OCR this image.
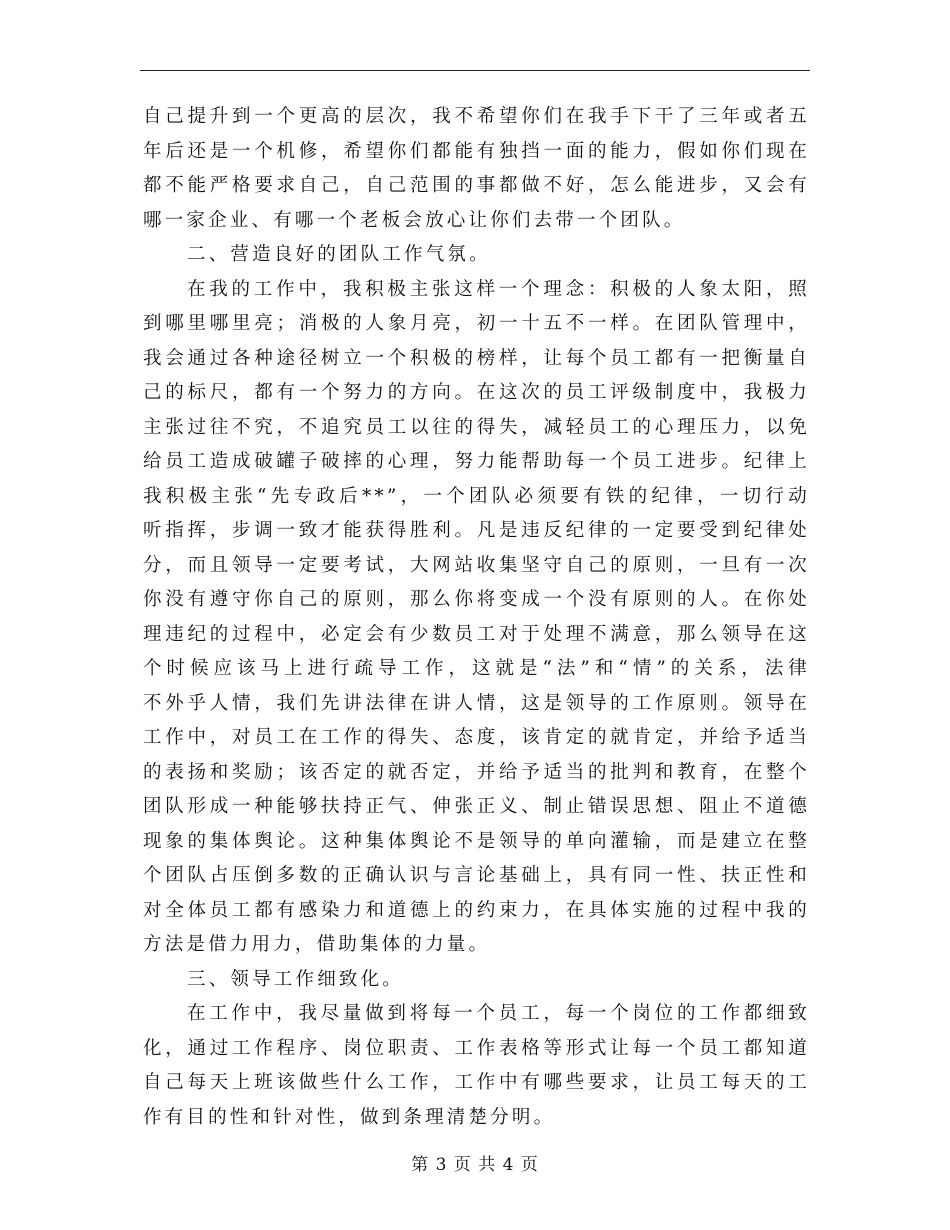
自己提升到一个更高的层次，我不希望你们在我手下干了三年或者五
年后还是一个机修，希望你们都能有独挡一面的能力，假如你们现在
都不能严格要求自己，自己范围的事都做不好，怎么能进步，又会有
哪一家企业、有哪一个老板会放心让你们去带一个团队。
二、营造良好的团队工作气氛。
在我的工作中，我积极主张这样一个理念：积极的人象太阳，照
到哪里哪里亮；消极的人象月亮，初一十五不一样。在团队管理中，
我会通过各种途径树立一个积极的榜样，让每个员工都有一把衡量自
己的标尺，都有一个努力的方向。在这次的员工评级制度中，我极力
主张过往不究，不追究员工以往的得失，减轻员工的心理压力，以免
给员工造成破罐子破摔的心理，努力能帮助每一个员工进步。纪律上
我积极主张“先专政后**”，一个团队必须要有铁的纪律，一切行动
听指挥，步调一致才能获得胜利。凡是违反纪律的一定要受到纪律处
分，而且领导一定要考试，大网站收集坚守自己的原则，一旦有一次
你没有遵守你自己的原则，那么你将变成一个没有原则的人。在你处
理违纪的过程中，必定会有少数员工对于处理不满意，那么领导在这
个时候应该马上进行疏导工作，这就是“法”和“情”的关系，法律
不外乎人情，我们先讲法律在讲人情，这是领导的工作原则。领导在
工作中，对员工在工作的得失、态度，该肯定的就肯定，并给予适当
的表扬和奖励；该否定的就否定，并给予适当的批判和教育，在整个
团队形成一种能够扶持正气、伸张正义、制止错误思想、阻止不道德
现象的集体舆论。这种集体舆论不是领导的单向灌输，而是建立在整
个团队占压倒多数的正确认识与言论基础上，具有同一性、扶正性和
对全体员工都有感染力和道德上的约束力，在具体实施的过程中我的
方法是借力用力，借助集体的力量。
三、领导工作细致化。
在工作中，我尽量做到将每一个员工，每一个岗位的工作都细致
化，通过工作程序、岗位职责、工作表格等形式让每一个员工都知道
自己每天上班该做些什么工作，工作中有哪些要求，让员工每天的工
作有目的性和针对性，做到条理清楚分明。
第 3 页 共 4 页
